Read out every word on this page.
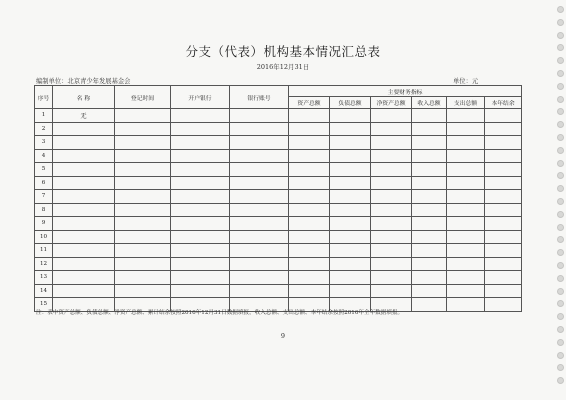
分支（代表）机构基本情况汇总表
2016年12月31日
编制单位：北京青少年发展基金会	单位：元
序号	名 称	登记时间	开户银行	银行账号	主要财务指标					
					资产总额	负债总额	净资产总额	收入总额	支出总额	本年结余
1	无									
2										
3										
4										
5										
6										
7										
8										
9										
10										
11										
12										
13										
14										
15										
注：表中资产总额、负债总额、净资产总额、累计结余按照2016年12月31日数据填报，收入总额、支出总额、本年结余按照2016年全年数据填报。
9
